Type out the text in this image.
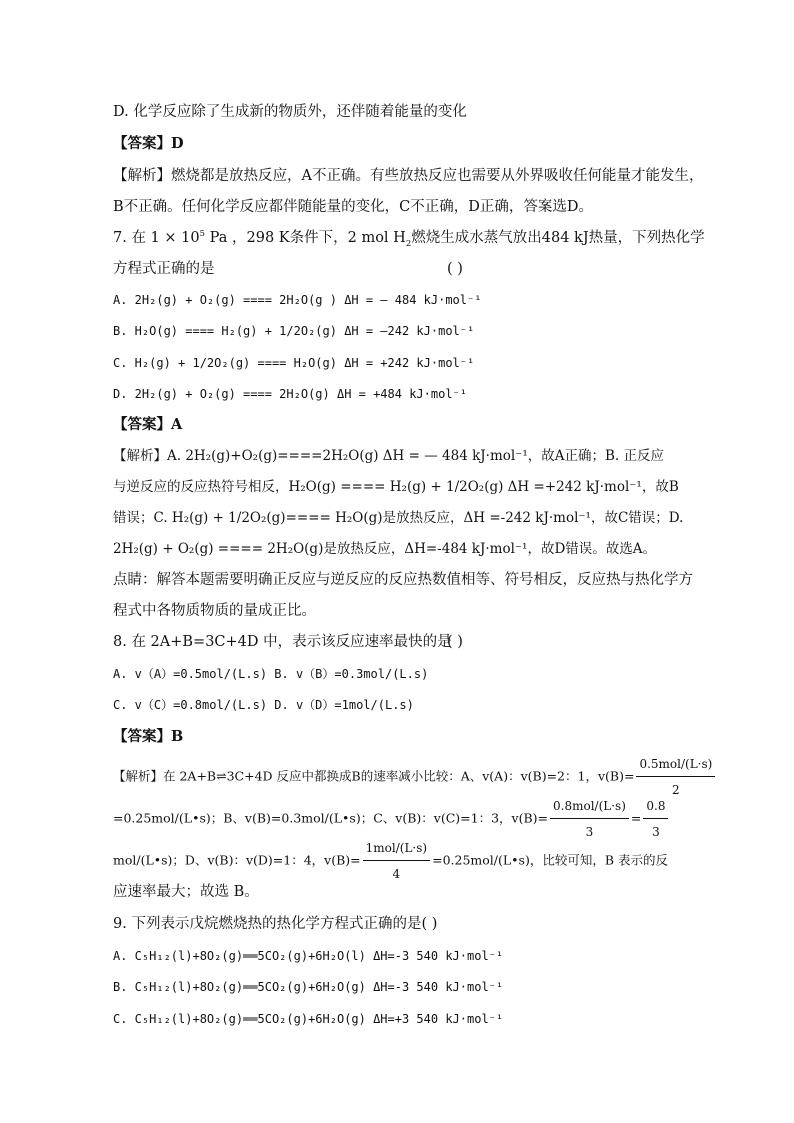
D. 化学反应除了生成新的物质外，还伴随着能量的变化
【答案】D
【解析】燃烧都是放热反应，A不正确。有些放热反应也需要从外界吸收任何能量才能发生，
B不正确。任何化学反应都伴随能量的变化，C不正确，D正确，答案选D。
7. 在 $1 \times 10^5$ Pa ，298 K条件下，2 mol $H_2$燃烧生成水蒸气放出484 kJ热量，下列热化学
方程式正确的是	( )
A. 2H₂(g) + O₂(g) ==== 2H₂O(g ) ΔH = — 484 kJ·mol⁻¹
B. H₂O(g) ==== H₂(g) + 1/2O₂(g) ΔH = —242 kJ·mol⁻¹
C. H₂(g) + 1/2O₂(g) ==== H₂O(g) ΔH = +242 kJ·mol⁻¹
D. 2H₂(g) + O₂(g) ==== 2H₂O(g) ΔH = +484 kJ·mol⁻¹
【答案】A
【解析】A. 2H₂(g)+O₂(g)====2H₂O(g) ΔH = — 484 kJ·mol⁻¹，故A正确；B. 正反应
与逆反应的反应热符号相反，H₂O(g) ==== H₂(g) + 1/2O₂(g) ΔH =+242 kJ·mol⁻¹，故B
错误；C. H₂(g) + 1/2O₂(g)==== H₂O(g)是放热反应，ΔH =-242 kJ·mol⁻¹，故C错误；D.
2H₂(g) + O₂(g) ==== 2H₂O(g)是放热反应，ΔH=-484 kJ·mol⁻¹，故D错误。故选A。
点睛：解答本题需要明确正反应与逆反应的反应热数值相等、符号相反，反应热与热化学方
程式中各物质物质的量成正比。
8. 在 2A+B=3C+4D 中，表示该反应速率最快的是
( )
A. v（A）=0.5mol/(L.s) B. v（B）=0.3mol/(L.s)
C. v（C）=0.8mol/(L.s) D. v（D）=1mol/(L.s)
【答案】B
【解析】在 2A+B⇌3C+4D 反应中都换成B的速率减小比较：A、v(A)：v(B)=2：1，$v(B)= \frac{\text{0.5mol/(L·s)}}{2}$
=0.25mol/(L•s)；B、v(B)=0.3mol/(L•s)；C、v(B)：v(C)=1：3，$v(B)= \frac{\text{0.8mol/(L·s)}}{3} = \frac{0.8}{3}$
mol/(L•s)；D、v(B)：v(D)=1：4，$v(B)= \frac{\text{1mol/(L·s)}}{4}$ =0.25mol/(L•s)，比较可知，B 表示的反
应速率最大；故选 B。
9. 下列表示戊烷燃烧热的热化学方程式正确的是( )
A. C₅H₁₂(l)+8O₂(g)══5CO₂(g)+6H₂O(l) ΔH=-3 540 kJ·mol⁻¹
B. C₅H₁₂(l)+8O₂(g)══5CO₂(g)+6H₂O(g) ΔH=-3 540 kJ·mol⁻¹
C. C₅H₁₂(l)+8O₂(g)══5CO₂(g)+6H₂O(g) ΔH=+3 540 kJ·mol⁻¹
